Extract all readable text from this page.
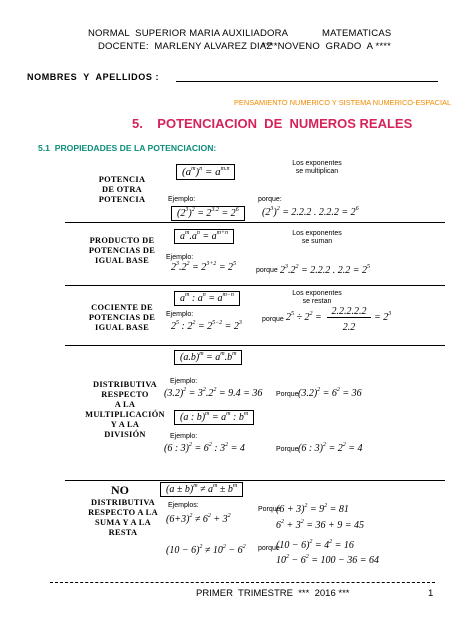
NORMAL  SUPERIOR MARIA AUXILIADORA	MATEMATICAS
DOCENTE:  MARLENY ALVAREZ DIAZ
****NOVENO  GRADO  A ****
NOMBRES  Y  APELLIDOS :
PENSAMIENTO NUMERICO Y SISTEMA NUMERICO-ESPACIAL
5.    POTENCIACION  DE  NUMEROS REALES
5.1  PROPIEDADES DE LA POTENCIACION:
POTENCIA
DE OTRA
POTENCIA
$(a^m)^n = a^{m.n}$
Los exponentes
se multiplican
Ejemplo:
$(2^3)^2 = 2^{3.2} = 2^6$
porque:
$(2^3)^2 = 2.2.2$ . $2.2.2 = 2^6$
PRODUCTO DE
POTENCIAS DE
IGUAL BASE
$a^m.a^n = a^{m+n}$	Los exponentes
se suman
Ejemplo:
$2^3.2^2 = 2^{3+2} = 2^5$
porque $2^3.2^2 = 2.2.2$ . $2.2 = 2^5$
COCIENTE DE
POTENCIAS DE
IGUAL BASE
$a^m$ : $a^n = a^{m-n}$	Los exponentes
se restan
Ejemplo:
$2^5$ : $2^2 = 2^{5-2} = 2^3$	porque $2^5 \div 2^2$ =
2.2.2.2.2
2.2
= $2^3$
$(a.b)^m = a^m.b^m$
DISTRIBUTIVA
RESPECTO
A LA
MULTIPLICACIÓN
Y A LA
DIVISIÓN
Ejemplo:
$(3.2)^2 = 3^2.2^2 = 9.4 = 36$ Porque $(3.2)^2 = 6^2 = 36$
(a : $b)^m = a^m$ : $b^m$
Ejemplo:
(6 : $3)^2 = 6^2$ : $3^2 = 4$	Porque (6 : $3)^2 = 2^2 = 4$
NO	$(a \pm b)^m \ne a^m \pm b^m$
DISTRIBUTIVA
RESPECTO A LA
SUMA Y A LA
RESTA
Ejemplos:
$(6+3)^2 \ne 6^2 + 3^2$
$(10 - 6)^2 \ne 10^2 - 6^2$
Porque
$(6 + 3)^2 = 9^2 = 81$
$6^2 + 3^2 = 36 + 9 = 45$
porque
$(10 - 6)^2 = 4^2 = 16$
$10^2 - 6^2 = 100 - 36 = 64$
PRIMER  TRIMESTRE  ***  2016 ***	1
